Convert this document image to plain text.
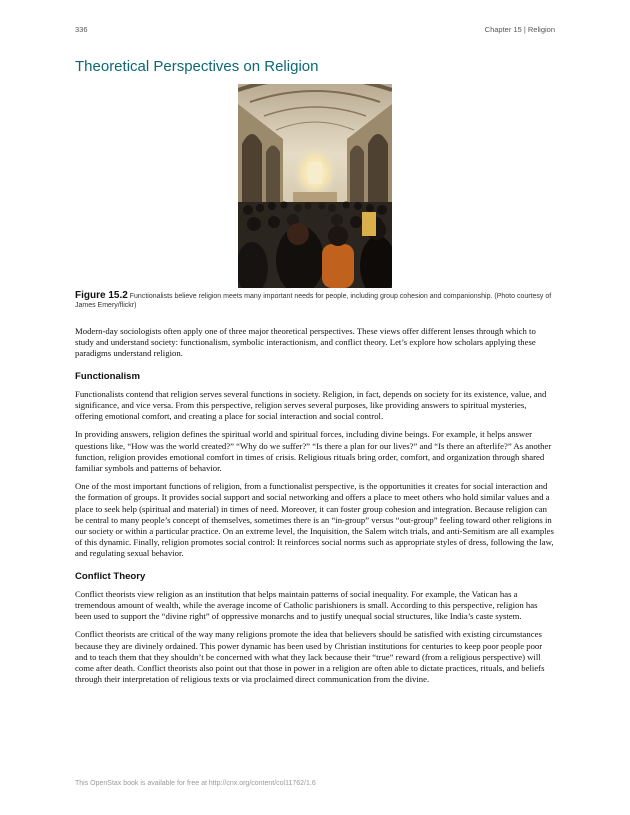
336	Chapter 15 | Religion
Theoretical Perspectives on Religion
Figure 15.2 Functionalists believe religion meets many important needs for people, including group cohesion and companionship. (Photo courtesy of James Emery/flickr)

Modern-day sociologists often apply one of three major theoretical perspectives. These views offer different lenses through which to study and understand society: functionalism, symbolic interactionism, and conflict theory. Let’s explore how scholars applying these paradigms understand religion.

Functionalism

Functionalists contend that religion serves several functions in society. Religion, in fact, depends on society for its existence, value, and significance, and vice versa. From this perspective, religion serves several purposes, like providing answers to spiritual mysteries, offering emotional comfort, and creating a place for social interaction and social control.

In providing answers, religion defines the spiritual world and spiritual forces, including divine beings. For example, it helps answer questions like, “How was the world created?” “Why do we suffer?” “Is there a plan for our lives?” and “Is there an afterlife?” As another function, religion provides emotional comfort in times of crisis. Religious rituals bring order, comfort, and organization through shared familiar symbols and patterns of behavior.

One of the most important functions of religion, from a functionalist perspective, is the opportunities it creates for social interaction and the formation of groups. It provides social support and social networking and offers a place to meet others who hold similar values and a place to seek help (spiritual and material) in times of need. Moreover, it can foster group cohesion and integration. Because religion can be central to many people’s concept of themselves, sometimes there is an “in-group” versus “out-group” feeling toward other religions in our society or within a particular practice. On an extreme level, the Inquisition, the Salem witch trials, and anti-Semitism are all examples of this dynamic. Finally, religion promotes social control: It reinforces social norms such as appropriate styles of dress, following the law, and regulating sexual behavior.

Conflict Theory

Conflict theorists view religion as an institution that helps maintain patterns of social inequality. For example, the Vatican has a tremendous amount of wealth, while the average income of Catholic parishioners is small. According to this perspective, religion has been used to support the “divine right” of oppressive monarchs and to justify unequal social structures, like India’s caste system.

Conflict theorists are critical of the way many religions promote the idea that believers should be satisfied with existing circumstances because they are divinely ordained. This power dynamic has been used by Christian institutions for centuries to keep poor people poor and to teach them that they shouldn’t be concerned with what they lack because their “true” reward (from a religious perspective) will come after death. Conflict theorists also point out that those in power in a religion are often able to dictate practices, rituals, and beliefs through their interpretation of religious texts or via proclaimed direct communication from the divine.

This OpenStax book is available for free at http://cnx.org/content/col11762/1.6
